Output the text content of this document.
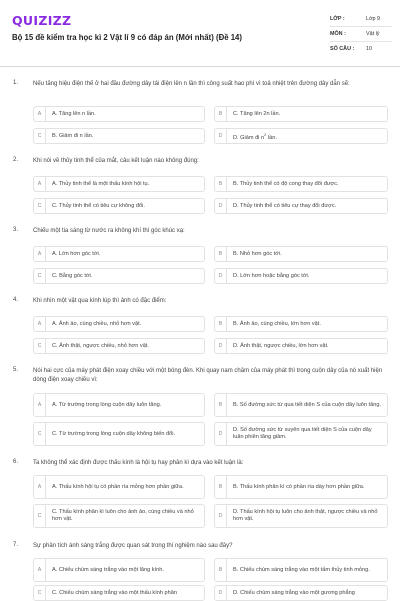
QUIZIZZ
Bộ 15 đề kiểm tra học kì 2 Vật lí 9 có đáp án (Mới nhất) (Đề 14)
LỚP :	Lớp 9
MÔN :	Vật lý
SỐ CÂU :	10
1. Nếu tăng hiệu điện thế ở hai đầu đường dây tải điện lên n lần thì công suất hao phí vì toả nhiệt trên đường dây dẫn sẽ:
A	A. Tăng lên n lần.	B	C. Tăng lên 2n lần.
C	B. Giảm đi n lần.	D	D. Giảm đi $n^2$ lần.
2. Khi nói về thủy tinh thể của mắt, câu kết luận nào không đúng:
A	A. Thủy tinh thể là một thấu kính hội tụ.	B	B. Thủy tinh thể có độ cong thay đổi được.
C	C. Thủy tinh thể có tiêu cự không đổi.	D	D. Thủy tinh thể có tiêu cự thay đổi được.
3. Chiếu một tia sáng từ nước ra không khí thì góc khúc xạ:
A	A. Lớn hơn góc tới.	B	B. Nhỏ hơn góc tới.
C	C. Bằng góc tới.	D	D. Lớn hơn hoặc bằng góc tới.
4. Khi nhìn một vật qua kính lúp thì ảnh có đặc điểm:
A	A. Ảnh ảo, cùng chiều, nhỏ hơn vật.	B	B. Ảnh ảo, cùng chiều, lớn hơn vật.
C	C. Ảnh thật, ngược chiều, nhỏ hơn vật.	D	D. Ảnh thật, ngược chiều, lớn hơn vật.
5. Nói hai cực của máy phát điện xoay chiều với một bóng đèn. Khi quay nam châm của máy phát thì trong cuộn dây của nó xuất hiện dòng điện xoay chiều vì:
A	A. Từ trường trong lòng cuộn dây luôn tăng.	B	B. Số đường sức từ qua tiết diện S của cuộn dây luôn tăng.
C	C. Từ trường trong lòng cuộn dây không biến đổi.	D
D. Số đường sức từ xuyên qua tiết diện S của cuộn dây luân phiên tăng giảm.
6. Ta không thể xác định được thấu kính là hội tụ hay phân kì dựa vào kết luận là:
A	A. Thấu kính hội tụ có phần rìa mỏng hơn phần giữa.	B	B. Thấu kính phân kì có phần rìa dày hơn phần giữa.
C
C. Thấu kính phân kì luôn cho ảnh ảo, cùng chiều và nhỏ hơn vật.	D
D. Thấu kính hội tụ luôn cho ảnh thật, ngược chiều và nhỏ hơn vật.
7. Sự phân tích ánh sáng trắng được quan sát trong thí nghiệm nào sau đây?
A	A. Chiếu chùm sáng trắng vào một lăng kính.	B	B. Chiếu chùm sáng trắng vào một tấm thủy tinh mỏng.
C	C. Chiếu chùm sáng trắng vào một thấu kính phân	D	D. Chiếu chùm sáng trắng vào một gương phẳng
